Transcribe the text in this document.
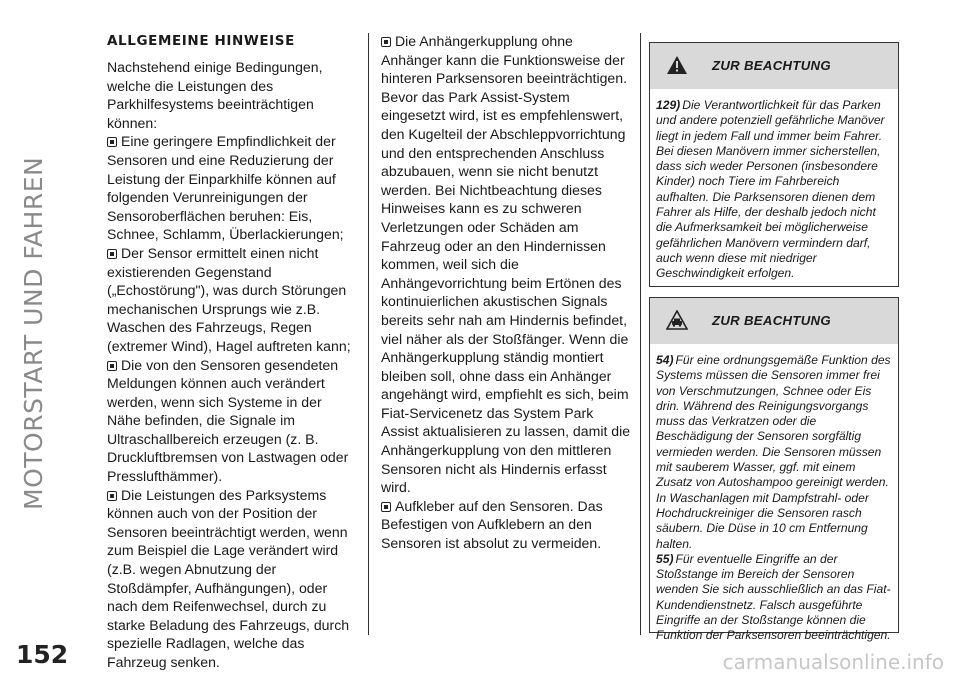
MOTORSTART UND FAHREN
ALLGEMEINE HINWEISE

Nachstehend einige Bedingungen, welche die Leistungen des Parkhilfesystems beeinträchtigen können:

Eine geringere Empfindlichkeit der Sensoren und eine Reduzierung der Leistung der Einparkhilfe können auf folgenden Verunreinigungen der Sensoroberflächen beruhen: Eis, Schnee, Schlamm, Überlackierungen;

Der Sensor ermittelt einen nicht existierenden Gegenstand („Echostörung"), was durch Störungen mechanischen Ursprungs wie z.B. Waschen des Fahrzeugs, Regen (extremer Wind), Hagel auftreten kann;

Die von den Sensoren gesendeten Meldungen können auch verändert werden, wenn sich Systeme in der Nähe befinden, die Signale im Ultraschallbereich erzeugen (z. B. Druckluftbremsen von Lastwagen oder Presslufthämmer).

Die Leistungen des Parksystems können auch von der Position der Sensoren beeinträchtigt werden, wenn zum Beispiel die Lage verändert wird (z.B. wegen Abnutzung der Stoßdämpfer, Aufhängungen), oder nach dem Reifenwechsel, durch zu starke Beladung des Fahrzeugs, durch spezielle Radlagen, welche das Fahrzeug senken.

Die Anhängerkupplung ohne Anhänger kann die Funktionsweise der hinteren Parksensoren beeinträchtigen. Bevor das Park Assist-System eingesetzt wird, ist es empfehlenswert, den Kugelteil der Abschleppvorrichtung und den entsprechenden Anschluss abzubauen, wenn sie nicht benutzt werden. Bei Nichtbeachtung dieses Hinweises kann es zu schweren Verletzungen oder Schäden am Fahrzeug oder an den Hindernissen kommen, weil sich die Anhängevorrichtung beim Ertönen des kontinuierlichen akustischen Signals bereits sehr nah am Hindernis befindet, viel näher als der Stoßfänger. Wenn die Anhängerkupplung ständig montiert bleiben soll, ohne dass ein Anhänger angehängt wird, empfiehlt es sich, beim Fiat-Servicenetz das System Park Assist aktualisieren zu lassen, damit die Anhängerkupplung von den mittleren Sensoren nicht als Hindernis erfasst wird.

Aufkleber auf den Sensoren. Das Befestigen von Aufklebern an den Sensoren ist absolut zu vermeiden.

ZUR BEACHTUNG

129) Die Verantwortlichkeit für das Parken und andere potenziell gefährliche Manöver liegt in jedem Fall und immer beim Fahrer. Bei diesen Manövern immer sicherstellen, dass sich weder Personen (insbesondere Kinder) noch Tiere im Fahrbereich aufhalten. Die Parksensoren dienen dem Fahrer als Hilfe, der deshalb jedoch nicht die Aufmerksamkeit bei möglicherweise gefährlichen Manövern vermindern darf, auch wenn diese mit niedriger Geschwindigkeit erfolgen.

ZUR BEACHTUNG

54) Für eine ordnungsgemäße Funktion des Systems müssen die Sensoren immer frei von Verschmutzungen, Schnee oder Eis drin. Während des Reinigungsvorgangs muss das Verkratzen oder die Beschädigung der Sensoren sorgfältig vermieden werden. Die Sensoren müssen mit sauberem Wasser, ggf. mit einem Zusatz von Autoshampoo gereinigt werden. In Waschanlagen mit Dampfstrahl- oder Hochdruckreiniger die Sensoren rasch säubern. Die Düse in 10 cm Entfernung halten.

55) Für eventuelle Eingriffe an der Stoßstange im Bereich der Sensoren wenden Sie sich ausschließlich an das Fiat-Kundendienstnetz. Falsch ausgeführte Eingriffe an der Stoßstange können die Funktion der Parksensoren beeinträchtigen.

152	carmanualsonline.info
